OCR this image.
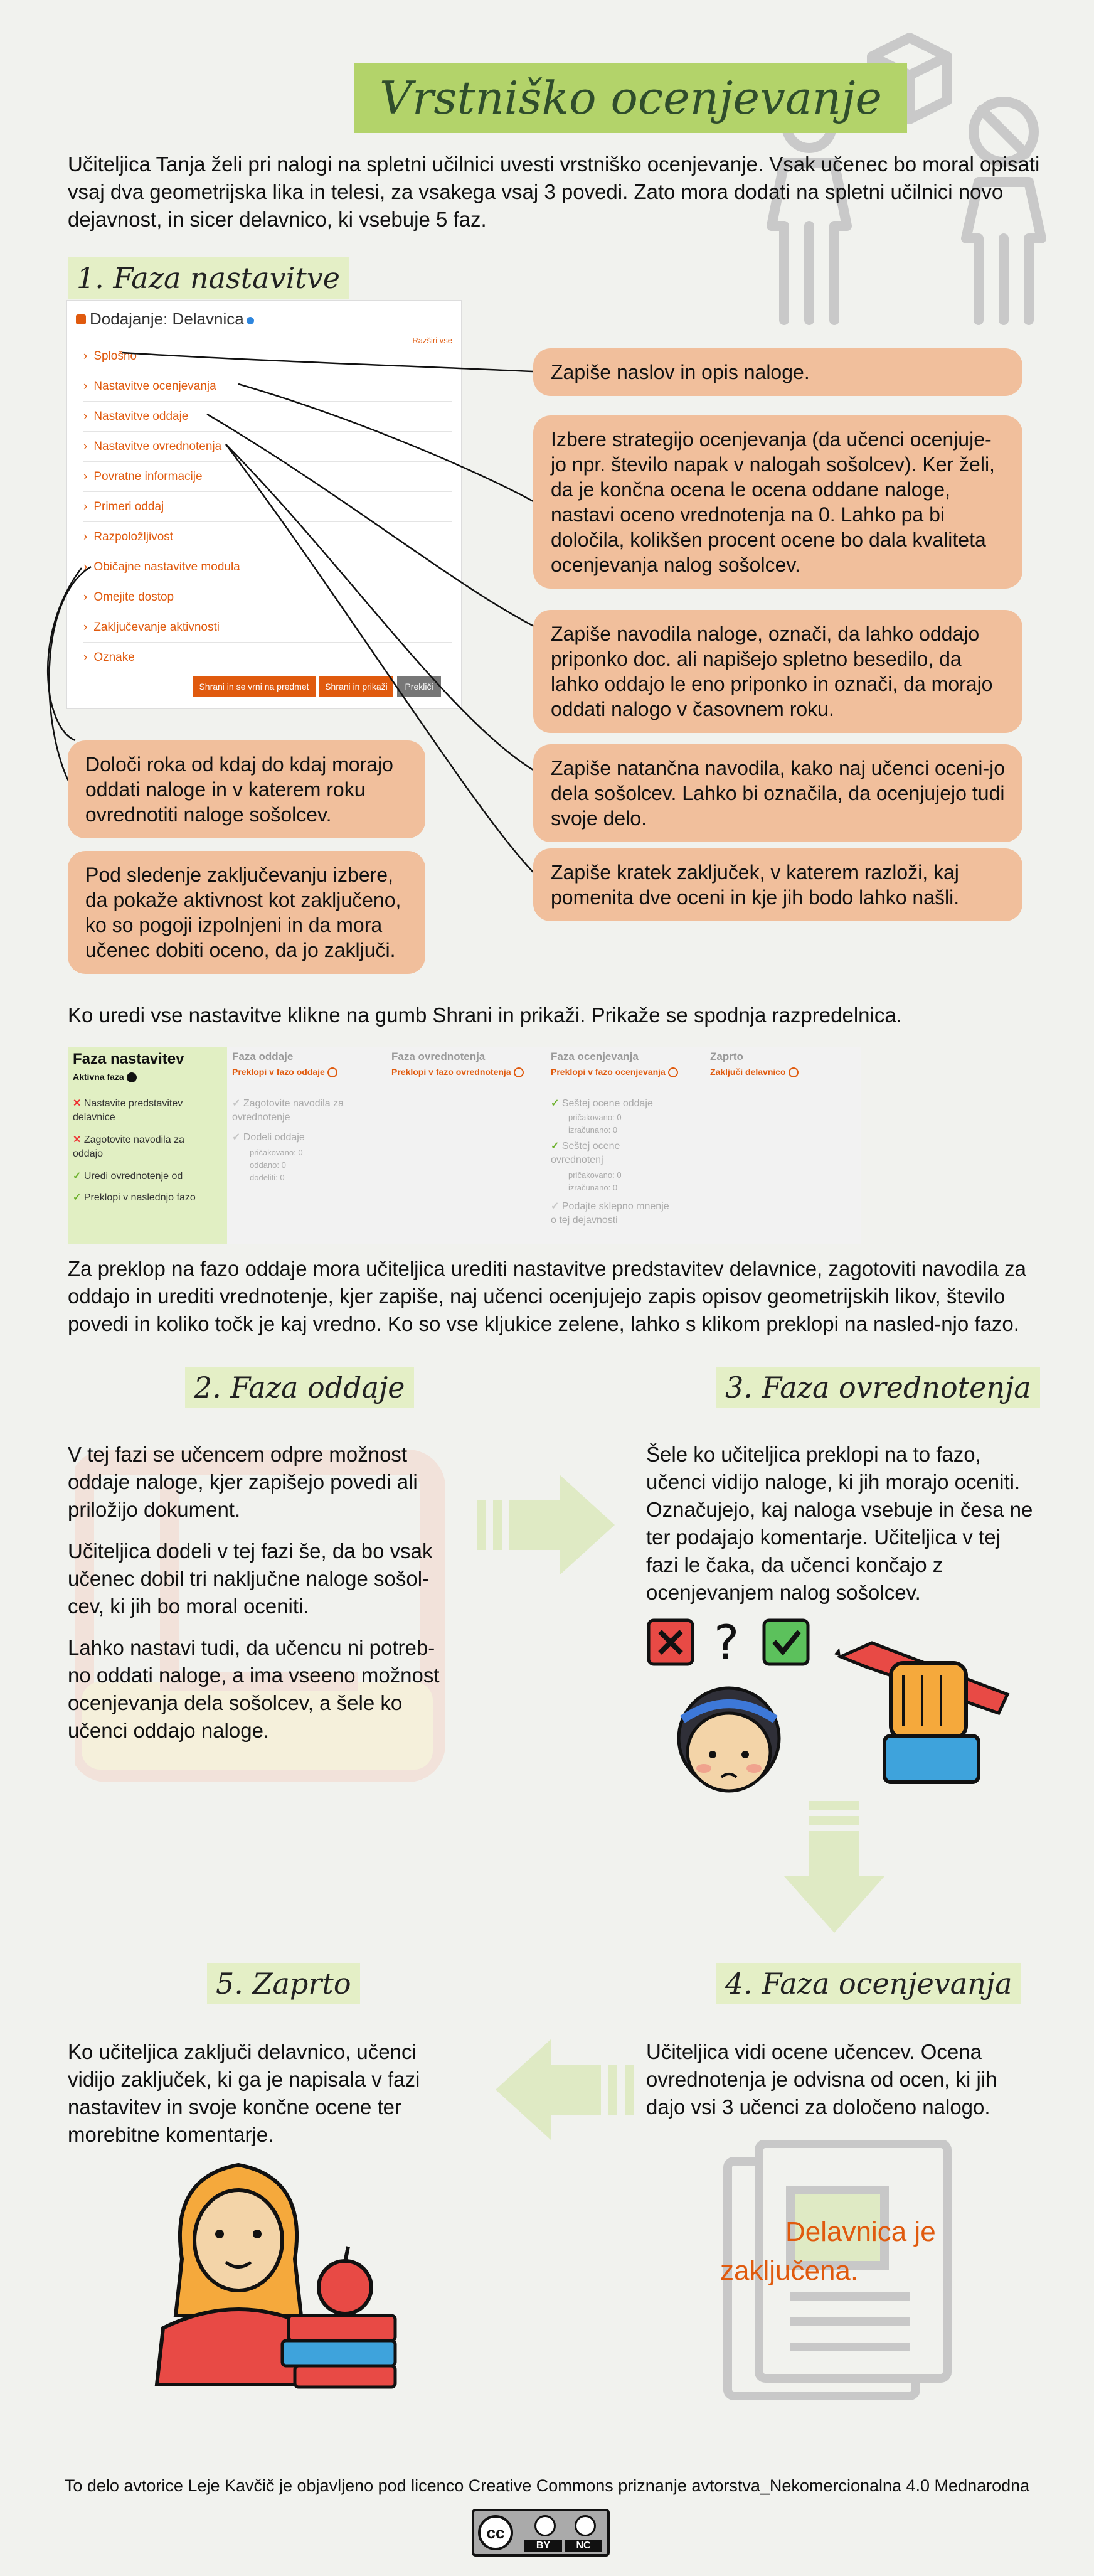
Vrstniško ocenjevanje
Učiteljica Tanja želi pri nalogi na spletni učilnici uvesti vrstniško ocenjevanje. Vsak učenec bo moral opisati vsaj dva geometrijska lika in telesi, za vsakega vsaj 3 povedi. Zato mora dodati na spletni učilnici novo dejavnost, in sicer delavnico, ki vsebuje 5 faz.
1. Faza nastavitve
Dodajanje: Delavnica
Razširi vse
› Splošno
› Nastavitve ocenjevanja
› Nastavitve oddaje
› Nastavitve ovrednotenja
› Povratne informacije
› Primeri oddaj
› Razpoložljivost
› Običajne nastavitve modula
› Omejite dostop
› Zaključevanje aktivnosti
› Oznake
Shrani in se vrni na predmet	Shrani in prikaži	Prekliči
Zapiše naslov in opis naloge.
Izbere strategijo ocenjevanja (da učenci ocenjuje-jo npr. število napak v nalogah sošolcev). Ker želi, da je končna ocena le ocena oddane naloge, nastavi oceno vrednotenja na 0. Lahko pa bi določila, kolikšen procent ocene bo dala kvaliteta ocenjevanja nalog sošolcev.
Zapiše navodila naloge, označi, da lahko oddajo priponko doc. ali napišejo spletno besedilo, da lahko oddajo le eno priponko in označi, da morajo oddati nalogo v časovnem roku.
Zapiše natančna navodila, kako naj učenci oceni-jo dela sošolcev. Lahko bi označila, da ocenjujejo tudi svoje delo.
Zapiše kratek zaključek, v katerem razloži, kaj pomenita dve oceni in kje jih bodo lahko našli.
Določi roka od kdaj do kdaj morajo oddati naloge in v katerem roku ovrednotiti naloge sošolcev.
Pod sledenje zaključevanju izbere, da pokaže aktivnost kot zaključeno, ko so pogoji izpolnjeni in da mora učenec dobiti oceno, da jo zaključi.
Ko uredi vse nastavitve klikne na gumb Shrani in prikaži. Prikaže se spodnja razpredelnica.
Faza nastavitev
Aktivna faza
✕ Nastavite predstavitev delavnice
✕ Zagotovite navodila za oddajo
✓ Uredi ovrednotenje od
✓ Preklopi v naslednjo fazo
Faza oddaje
Preklopi v fazo oddaje
✓ Zagotovite navodila za ovrednotenje
✓ Dodeli oddaje
pričakovano: 0
oddano: 0
dodeliti: 0
Faza ovrednotenja
Preklopi v fazo ovrednotenja
Faza ocenjevanja
Preklopi v fazo ocenjevanja
✓ Seštej ocene oddaje
pričakovano: 0
izračunano: 0
✓ Seštej ocene ovrednotenj
pričakovano: 0
izračunano: 0
✓ Podajte sklepno mnenje o tej dejavnosti
Zaprto
Zaključi delavnico
Za preklop na fazo oddaje mora učiteljica urediti nastavitve predstavitev delavnice, zagotoviti navodila za oddajo in urediti vrednotenje, kjer zapiše, naj učenci ocenjujejo zapis opisov geometrijskih likov, število povedi in koliko točk je kaj vredno. Ko so vse kljukice zelene, lahko s klikom preklopi na nasled-njo fazo.
2. Faza oddaje
V tej fazi se učencem odpre možnost oddaje naloge, kjer zapišejo povedi ali priložijo dokument.
Učiteljica dodeli v tej fazi še, da bo vsak učenec dobil tri naključne naloge sošol-cev, ki jih bo moral oceniti.
Lahko nastavi tudi, da učencu ni potreb-no oddati naloge, a ima vseeno možnost ocenjevanja dela sošolcev, a šele ko učenci oddajo naloge.
3. Faza ovrednotenja
Šele ko učiteljica preklopi na to fazo, učenci vidijo naloge, ki jih morajo oceniti. Označujejo, kaj naloga vsebuje in česa ne ter podajajo komentarje. Učiteljica v tej fazi le čaka, da učenci končajo z ocenjevanjem nalog sošolcev.
?
4. Faza ocenjevanja
Učiteljica vidi ocene učencev. Ocena ovrednotenja je odvisna od ocen, ki jih dajo vsi 3 učenci za določeno nalogo.
Delavnica je
zaključena.
5. Zaprto
Ko učiteljica zaključi delavnico, učenci vidijo zaključek, ki ga je napisala v fazi nastavitev in svoje končne ocene ter morebitne komentarje.
To delo avtorice Leje Kavčič je objavljeno pod licenco Creative Commons priznanje avtorstva_Nekomercionalna 4.0 Mednarodna
cc
BY	NC
